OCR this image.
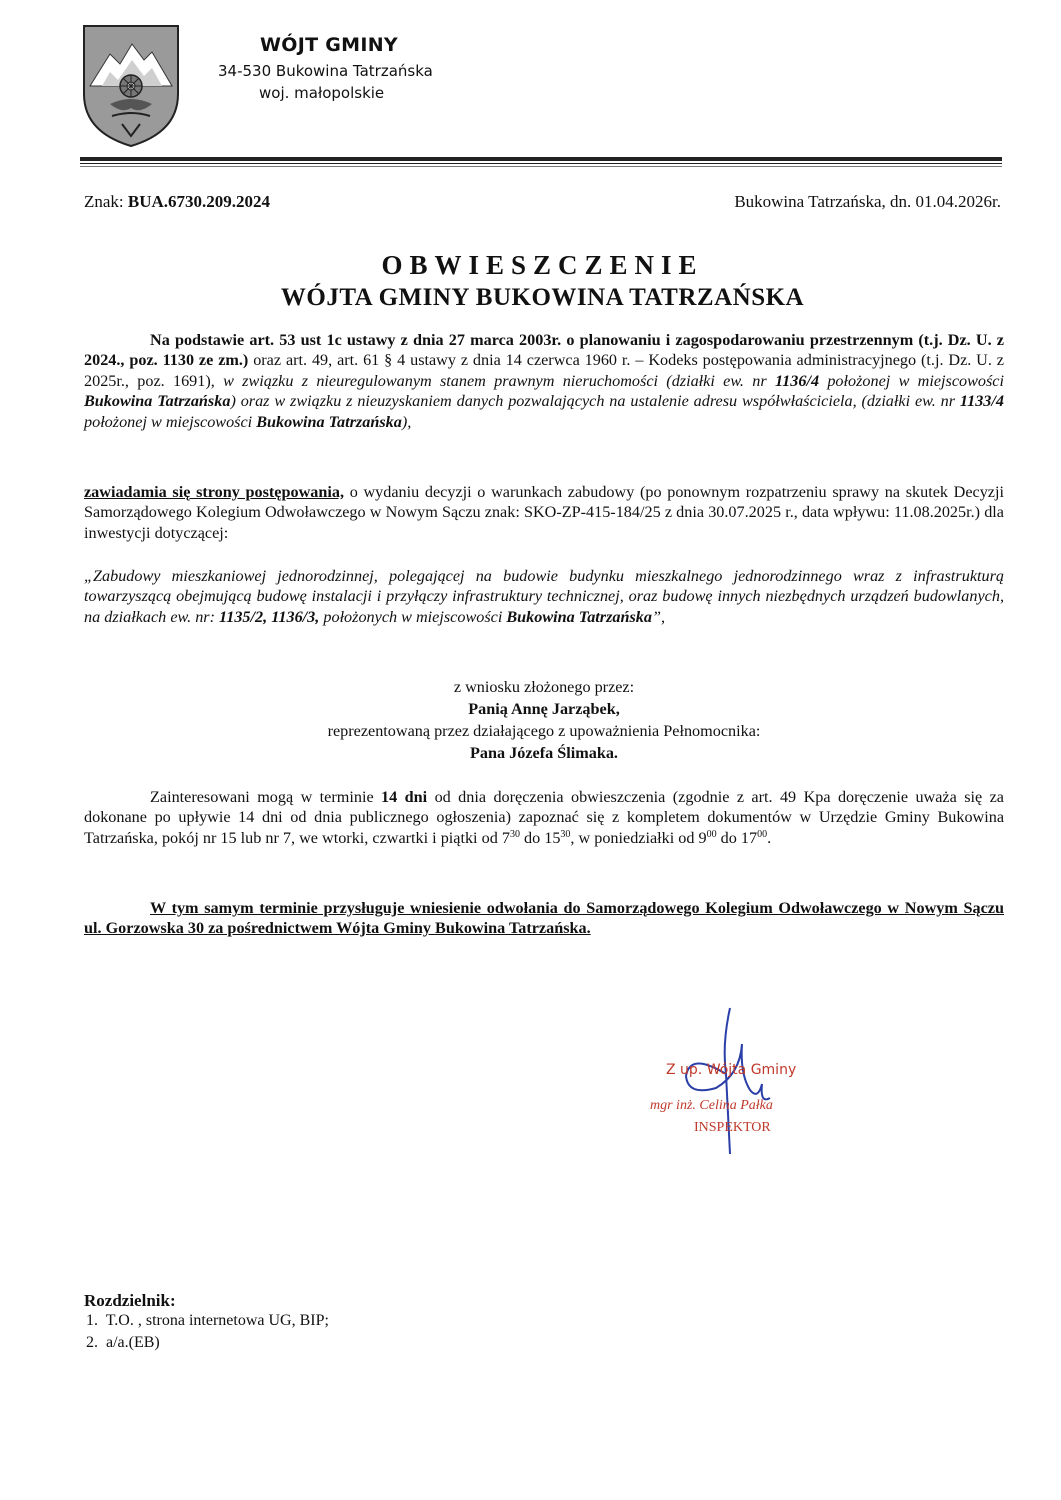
WÓJT GMINY
34-530 Bukowina Tatrzańska
woj. małopolskie
Znak: BUA.6730.209.2024	Bukowina Tatrzańska, dn. 01.04.2026r.
OBWIESZCZENIE
WÓJTA GMINY BUKOWINA TATRZAŃSKA
Na podstawie art. 53 ust 1c ustawy z dnia 27 marca 2003r. o planowaniu i zagospodarowaniu przestrzennym (t.j. Dz. U. z 2024., poz. 1130 ze zm.) oraz art. 49, art. 61 § 4 ustawy z dnia 14 czerwca 1960 r. – Kodeks postępowania administracyjnego (t.j. Dz. U. z 2025r., poz. 1691), w związku z nieuregulowanym stanem prawnym nieruchomości (działki ew. nr 1136/4 położonej w miejscowości Bukowina Tatrzańska) oraz w związku z nieuzyskaniem danych pozwalających na ustalenie adresu współwłaściciela, (działki ew. nr 1133/4 położonej w miejscowości Bukowina Tatrzańska),
zawiadamia się strony postępowania, o wydaniu decyzji o warunkach zabudowy (po ponownym rozpatrzeniu sprawy na skutek Decyzji Samorządowego Kolegium Odwoławczego w Nowym Sączu znak: SKO-ZP-415-184/25 z dnia 30.07.2025 r., data wpływu: 11.08.2025r.) dla inwestycji dotyczącej:
„Zabudowy mieszkaniowej jednorodzinnej, polegającej na budowie budynku mieszkalnego jednorodzinnego wraz z infrastrukturą towarzyszącą obejmującą budowę instalacji i przyłączy infrastruktury technicznej, oraz budowę innych niezbędnych urządzeń budowlanych, na działkach ew. nr: 1135/2, 1136/3, położonych w miejscowości Bukowina Tatrzańska”,
z wniosku złożonego przez:
Panią Annę Jarząbek,
reprezentowaną przez działającego z upoważnienia Pełnomocnika:
Pana Józefa Ślimaka.
Zainteresowani mogą w terminie 14 dni od dnia doręczenia obwieszczenia (zgodnie z art. 49 Kpa doręczenie uważa się za dokonane po upływie 14 dni od dnia publicznego ogłoszenia) zapoznać się z kompletem dokumentów w Urzędzie Gminy Bukowina Tatrzańska, pokój nr 15 lub nr 7, we wtorki, czwartki i piątki od $7^{30}$ do $15^{30}$, w poniedziałki od $9^{00}$ do $17^{00}$.
W tym samym terminie przysługuje wniesienie odwołania do Samorządowego Kolegium Odwoławczego w Nowym Sączu ul. Gorzowska 30 za pośrednictwem Wójta Gminy Bukowina Tatrzańska.
Z up. Wójta Gminy
mgr inż. Celina Pałka
INSPEKTOR
Rozdzielnik:
1.  T.O. , strona internetowa UG, BIP;
2.  a/a.(EB)
